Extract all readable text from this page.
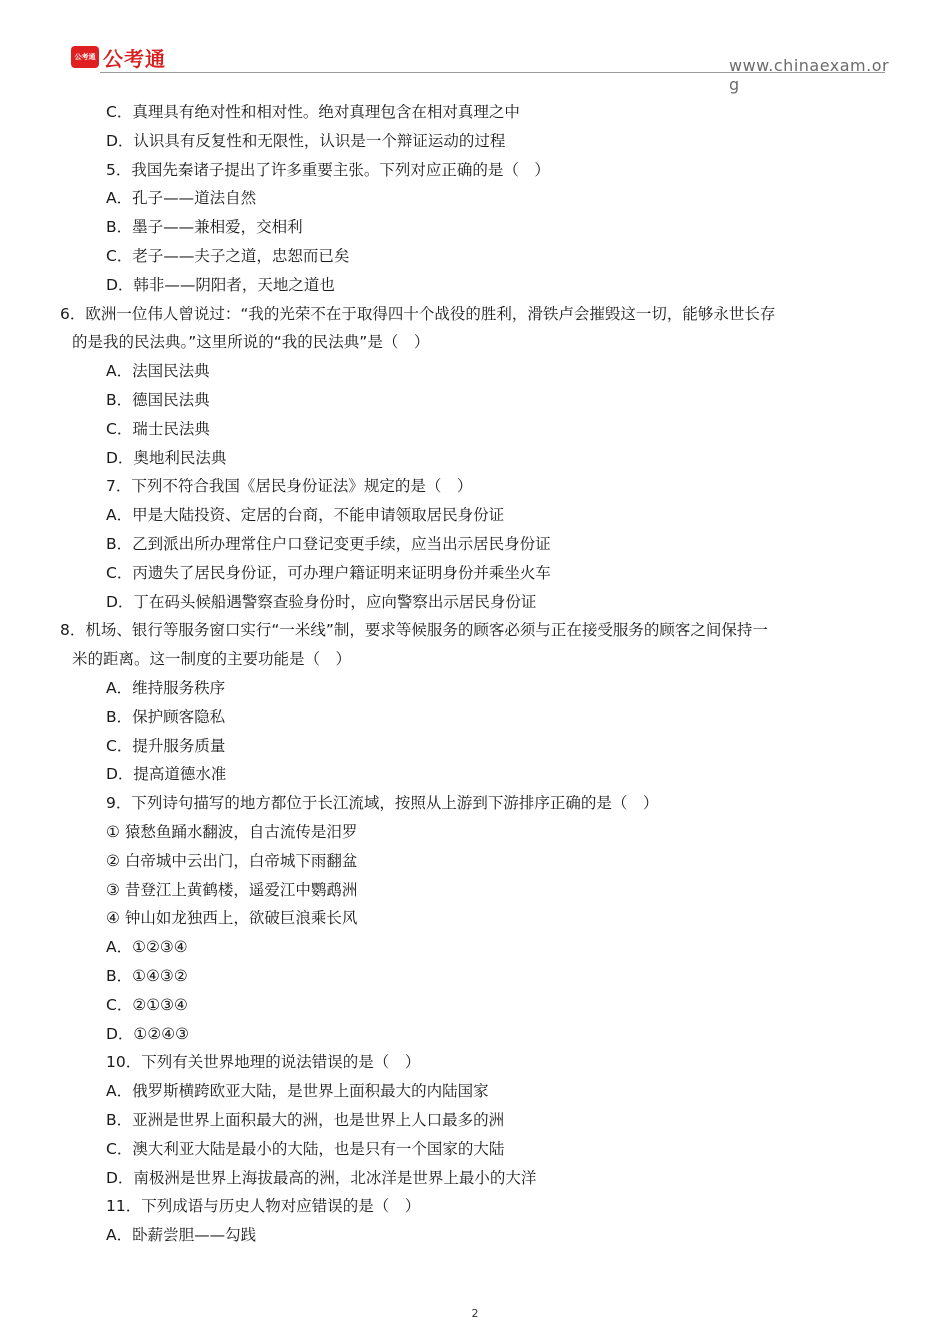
公考通 公考通	www.chinaexam.org
C．真理具有绝对性和相对性。绝对真理包含在相对真理之中
D．认识具有反复性和无限性，认识是一个辩证运动的过程
5．我国先秦诸子提出了许多重要主张。下列对应正确的是（　）
A．孔子——道法自然
B．墨子——兼相爱，交相利
C．老子——夫子之道，忠恕而已矣
D．韩非——阴阳者，天地之道也
6．欧洲一位伟人曾说过：“我的光荣不在于取得四十个战役的胜利，滑铁卢会摧毁这一切，能够永世长存
的是我的民法典。”这里所说的“我的民法典”是（　）
A．法国民法典
B．德国民法典
C．瑞士民法典
D．奥地利民法典
7．下列不符合我国《居民身份证法》规定的是（　）
A．甲是大陆投资、定居的台商，不能申请领取居民身份证
B．乙到派出所办理常住户口登记变更手续，应当出示居民身份证
C．丙遗失了居民身份证，可办理户籍证明来证明身份并乘坐火车
D．丁在码头候船遇警察查验身份时，应向警察出示居民身份证
8．机场、银行等服务窗口实行“一米线”制，要求等候服务的顾客必须与正在接受服务的顾客之间保持一
米的距离。这一制度的主要功能是（　）
A．维持服务秩序
B．保护顾客隐私
C．提升服务质量
D．提高道德水准
9．下列诗句描写的地方都位于长江流域，按照从上游到下游排序正确的是（　）
① 猿愁鱼踊水翻波，自古流传是汨罗
② 白帝城中云出门，白帝城下雨翻盆
③ 昔登江上黄鹤楼，遥爱江中鹦鹉洲
④ 钟山如龙独西上，欲破巨浪乘长风
A．①②③④
B．①④③②
C．②①③④
D．①②④③
10．下列有关世界地理的说法错误的是（　）
A．俄罗斯横跨欧亚大陆，是世界上面积最大的内陆国家
B．亚洲是世界上面积最大的洲，也是世界上人口最多的洲
C．澳大利亚大陆是最小的大陆，也是只有一个国家的大陆
D．南极洲是世界上海拔最高的洲，北冰洋是世界上最小的大洋
11．下列成语与历史人物对应错误的是（　）
A．卧薪尝胆——勾践
2
